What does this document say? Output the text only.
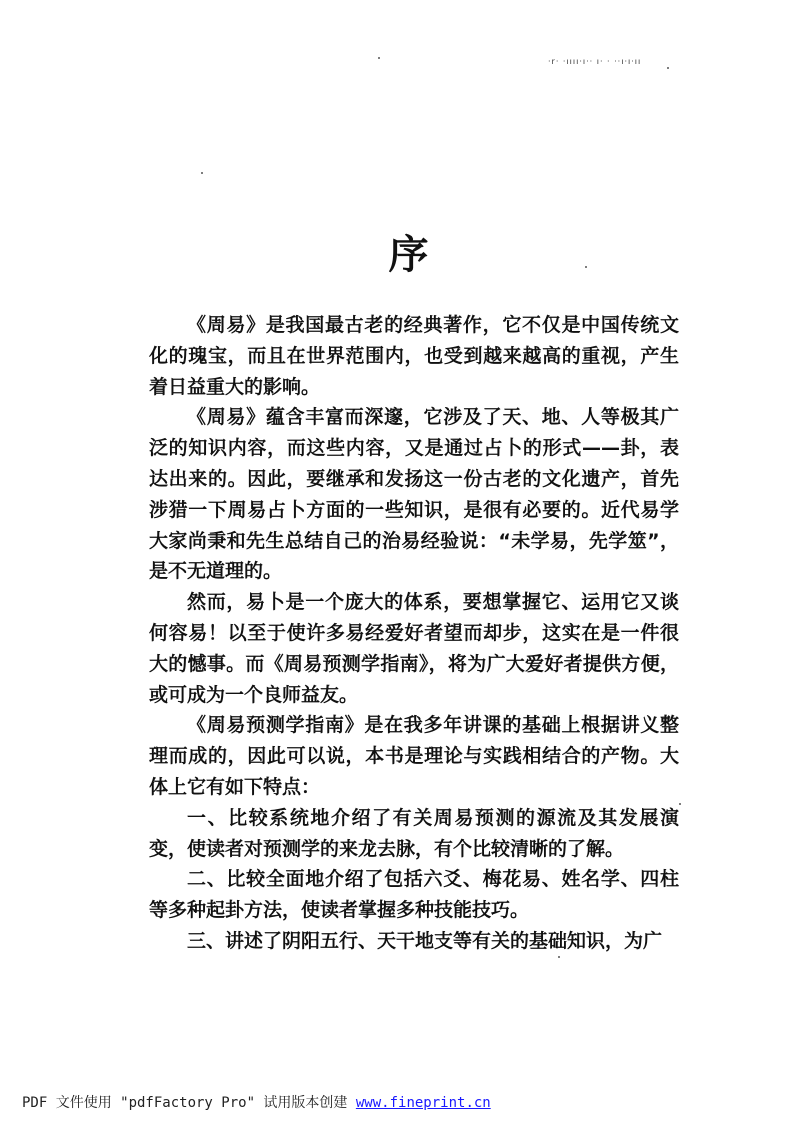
·r· ·ıııı·ı·· ı· · ··ı·ı·ıı
序

《周易》是我国最古老的经典著作，它不仅是中国传统文化的瑰宝，而且在世界范围内，也受到越来越高的重视，产生着日益重大的影响。

《周易》蕴含丰富而深邃，它涉及了天、地、人等极其广泛的知识内容，而这些内容，又是通过占卜的形式——卦，表达出来的。因此，要继承和发扬这一份古老的文化遗产，首先涉猎一下周易占卜方面的一些知识，是很有必要的。近代易学大家尚秉和先生总结自己的治易经验说：“未学易，先学筮”，是不无道理的。

然而，易卜是一个庞大的体系，要想掌握它、运用它又谈何容易！以至于使许多易经爱好者望而却步，这实在是一件很大的憾事。而《周易预测学指南》，将为广大爱好者提供方便，或可成为一个良师益友。

《周易预测学指南》是在我多年讲课的基础上根据讲义整理而成的，因此可以说，本书是理论与实践相结合的产物。大体上它有如下特点：

一、比较系统地介绍了有关周易预测的源流及其发展演变，使读者对预测学的来龙去脉，有个比较清晰的了解。

二、比较全面地介绍了包括六爻、梅花易、姓名学、四柱等多种起卦方法，使读者掌握多种技能技巧。

三、讲述了阴阳五行、天干地支等有关的基础知识，为广

PDF 文件使用 "pdfFactory Pro" 试用版本创建 www.fineprint.cn
